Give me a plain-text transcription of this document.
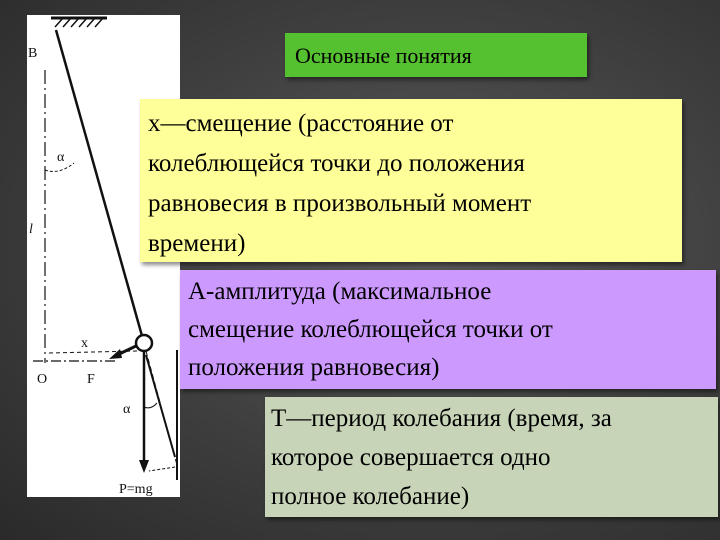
B
α
l
x
O	F
α
P=mg
Основные понятия
х—смещение (расстояние от
колеблющейся точки до положения
равновесия в произвольный момент
времени)
А-амплитуда (максимальное
смещение колеблющейся точки от
положения равновесия)
Т—период колебания (время, за
которое совершается одно
полное колебание)
